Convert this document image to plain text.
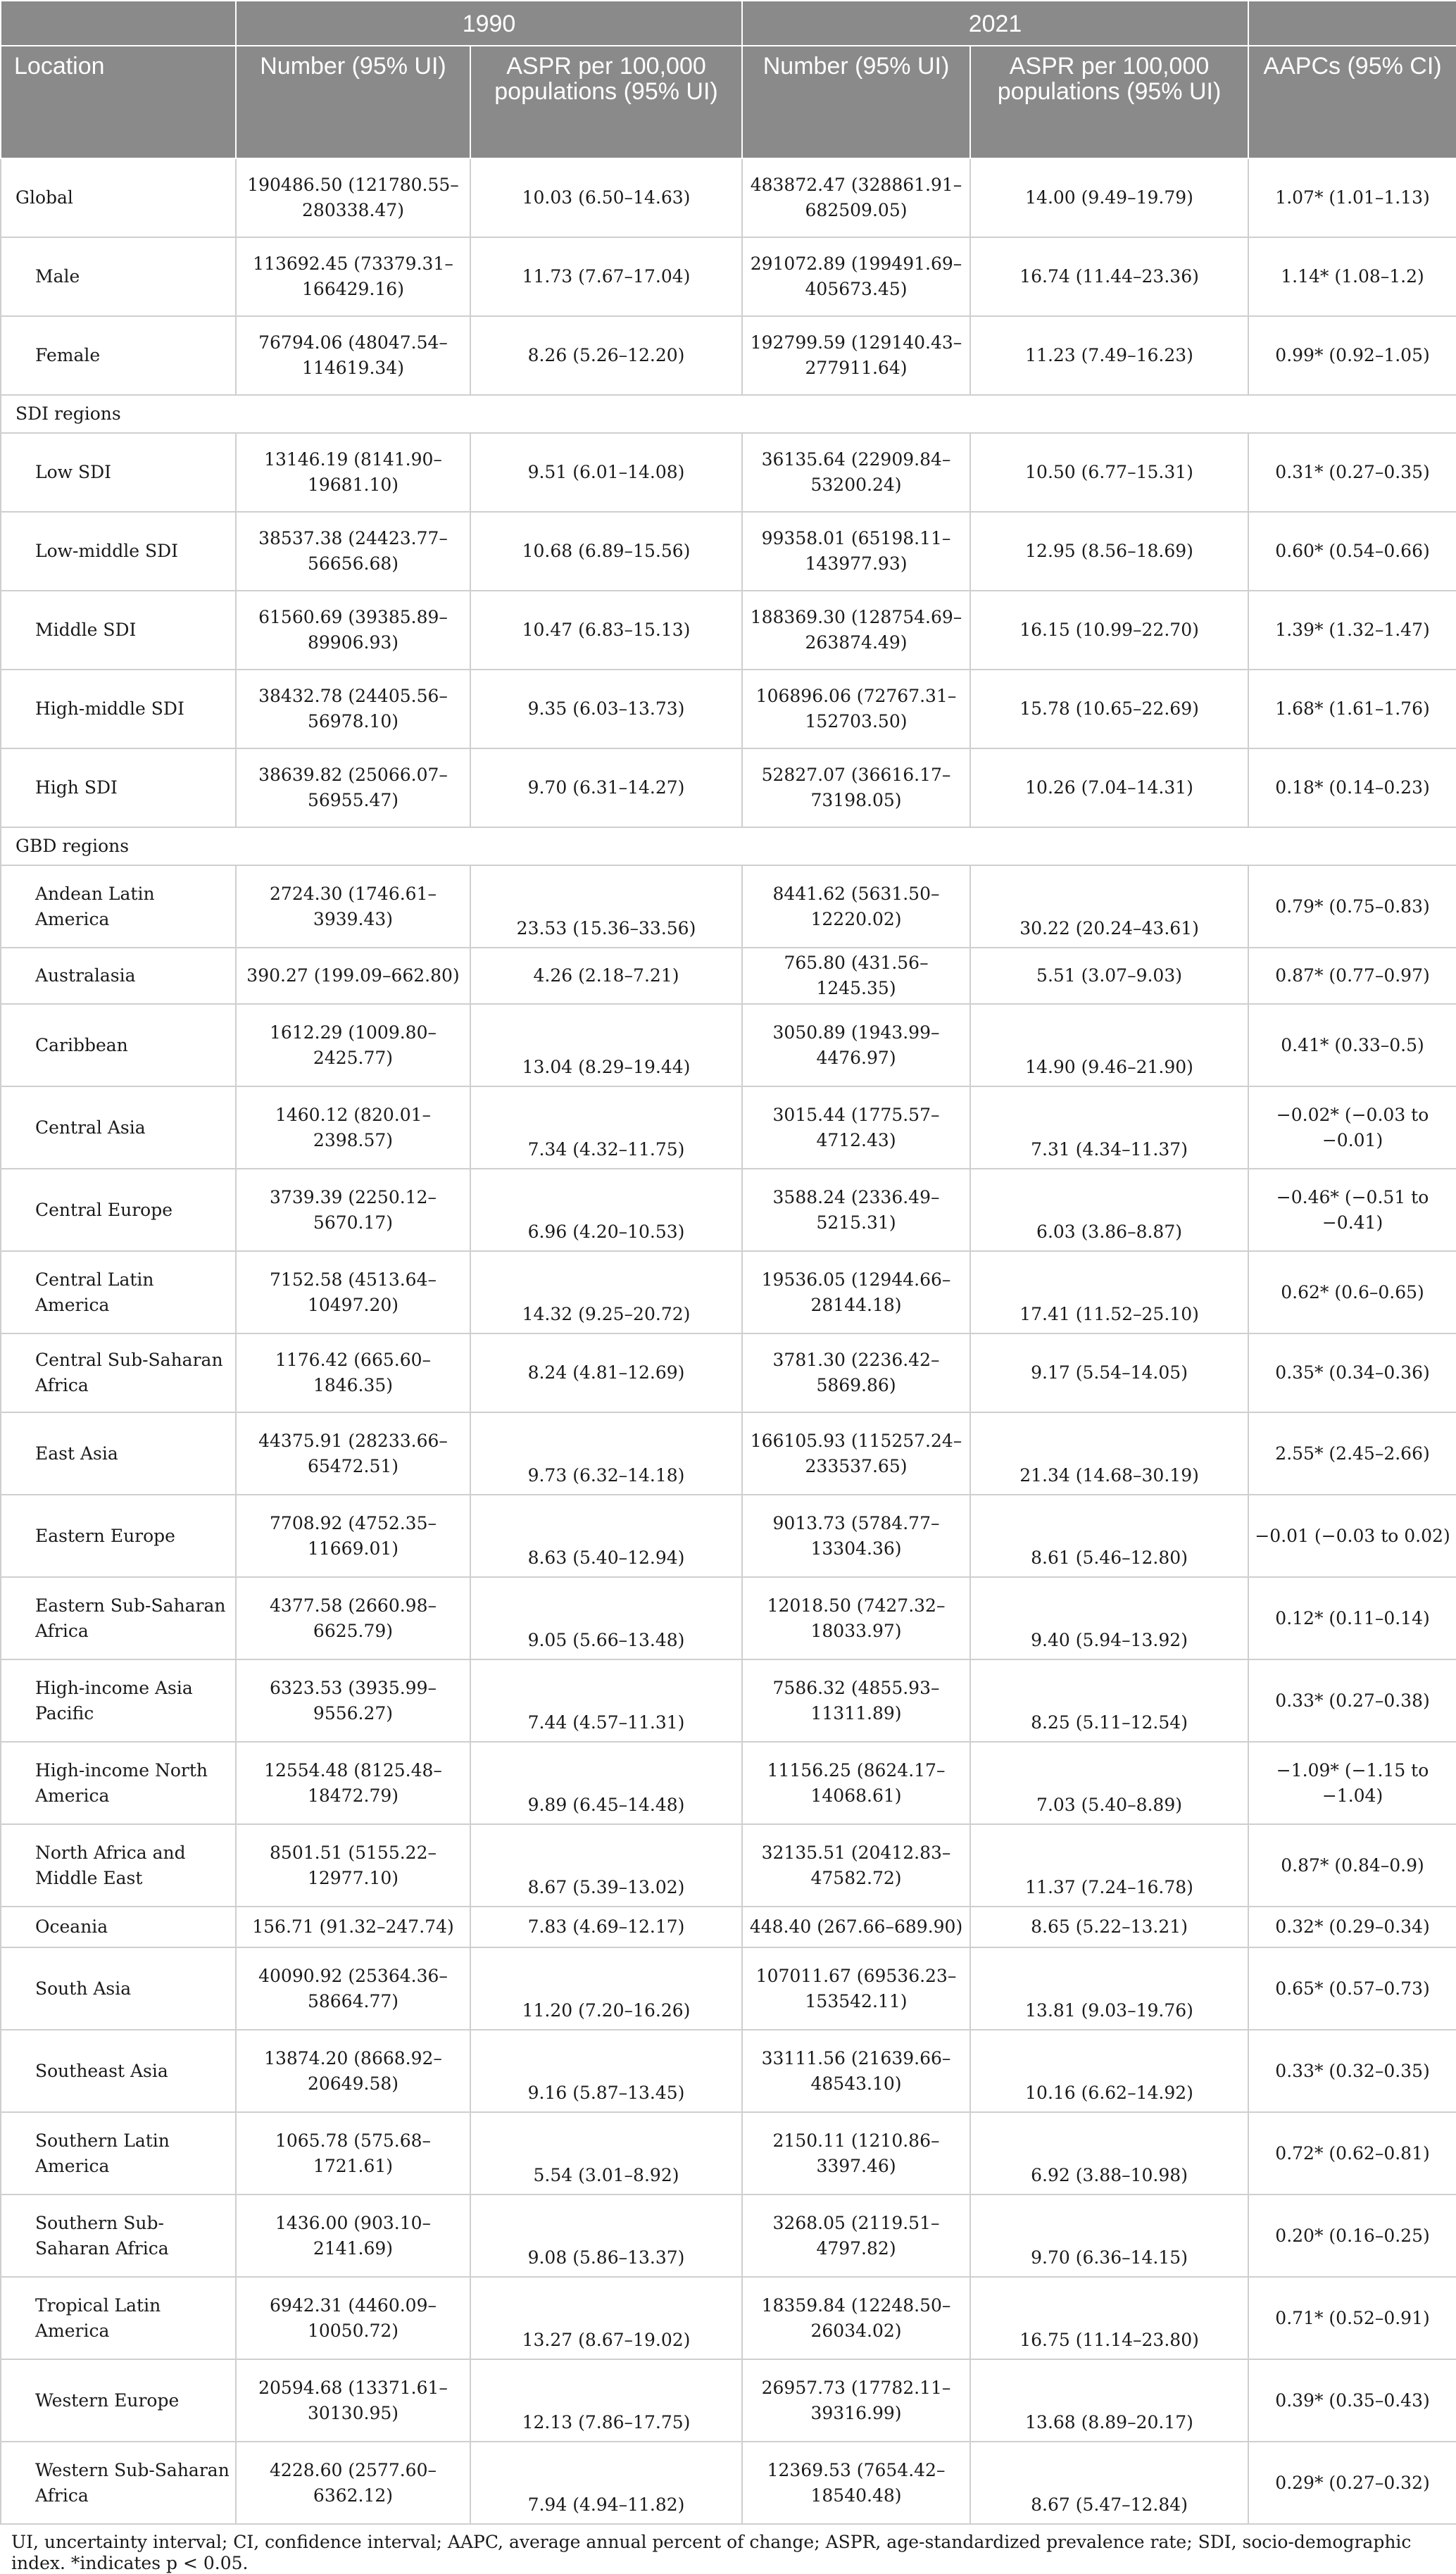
	1990		2021		
Location	Number (95% UI)	ASPR per 100,000 populations (95% UI)	Number (95% UI)	ASPR per 100,000 populations (95% UI)	AAPCs (95% CI)
Global	190486.50 (121780.55–280338.47)	10.03 (6.50–14.63)	483872.47 (328861.91–682509.05)	14.00 (9.49–19.79)	1.07* (1.01–1.13)
Male	113692.45 (73379.31–166429.16)	11.73 (7.67–17.04)	291072.89 (199491.69–405673.45)	16.74 (11.44–23.36)	1.14* (1.08–1.2)
Female	76794.06 (48047.54–114619.34)	8.26 (5.26–12.20)	192799.59 (129140.43–277911.64)	11.23 (7.49–16.23)	0.99* (0.92–1.05)
SDI regions					
Low SDI	13146.19 (8141.90–19681.10)	9.51 (6.01–14.08)	36135.64 (22909.84–53200.24)	10.50 (6.77–15.31)	0.31* (0.27–0.35)
Low-middle SDI	38537.38 (24423.77–56656.68)	10.68 (6.89–15.56)	99358.01 (65198.11–143977.93)	12.95 (8.56–18.69)	0.60* (0.54–0.66)
Middle SDI	61560.69 (39385.89–89906.93)	10.47 (6.83–15.13)	188369.30 (128754.69–263874.49)	16.15 (10.99–22.70)	1.39* (1.32–1.47)
High-middle SDI	38432.78 (24405.56–56978.10)	9.35 (6.03–13.73)	106896.06 (72767.31–152703.50)	15.78 (10.65–22.69)	1.68* (1.61–1.76)
High SDI	38639.82 (25066.07–56955.47)	9.70 (6.31–14.27)	52827.07 (36616.17–73198.05)	10.26 (7.04–14.31)	0.18* (0.14–0.23)
GBD regions					
Andean Latin America	2724.30 (1746.61–3939.43)	23.53 (15.36–33.56)	8441.62 (5631.50–12220.02)	30.22 (20.24–43.61)	0.79* (0.75–0.83)
Australasia	390.27 (199.09–662.80)	4.26 (2.18–7.21)	765.80 (431.56–1245.35)	5.51 (3.07–9.03)	0.87* (0.77–0.97)
Caribbean	1612.29 (1009.80–2425.77)	13.04 (8.29–19.44)	3050.89 (1943.99–4476.97)	14.90 (9.46–21.90)	0.41* (0.33–0.5)
Central Asia	1460.12 (820.01–2398.57)	7.34 (4.32–11.75)	3015.44 (1775.57–4712.43)	7.31 (4.34–11.37)	−0.02* (−0.03 to −0.01)
Central Europe	3739.39 (2250.12–5670.17)	6.96 (4.20–10.53)	3588.24 (2336.49–5215.31)	6.03 (3.86–8.87)	−0.46* (−0.51 to −0.41)
Central Latin America	7152.58 (4513.64–10497.20)	14.32 (9.25–20.72)	19536.05 (12944.66–28144.18)	17.41 (11.52–25.10)	0.62* (0.6–0.65)
Central Sub-Saharan Africa	1176.42 (665.60–1846.35)	8.24 (4.81–12.69)	3781.30 (2236.42–5869.86)	9.17 (5.54–14.05)	0.35* (0.34–0.36)
East Asia	44375.91 (28233.66–65472.51)	9.73 (6.32–14.18)	166105.93 (115257.24–233537.65)	21.34 (14.68–30.19)	2.55* (2.45–2.66)
Eastern Europe	7708.92 (4752.35–11669.01)	8.63 (5.40–12.94)	9013.73 (5784.77–13304.36)	8.61 (5.46–12.80)	−0.01 (−0.03 to 0.02)
Eastern Sub-Saharan Africa	4377.58 (2660.98–6625.79)	9.05 (5.66–13.48)	12018.50 (7427.32–18033.97)	9.40 (5.94–13.92)	0.12* (0.11–0.14)
High-income Asia Pacific	6323.53 (3935.99–9556.27)	7.44 (4.57–11.31)	7586.32 (4855.93–11311.89)	8.25 (5.11–12.54)	0.33* (0.27–0.38)
High-income North America	12554.48 (8125.48–18472.79)	9.89 (6.45–14.48)	11156.25 (8624.17–14068.61)	7.03 (5.40–8.89)	−1.09* (−1.15 to −1.04)
North Africa and Middle East	8501.51 (5155.22–12977.10)	8.67 (5.39–13.02)	32135.51 (20412.83–47582.72)	11.37 (7.24–16.78)	0.87* (0.84–0.9)
Oceania	156.71 (91.32–247.74)	7.83 (4.69–12.17)	448.40 (267.66–689.90)	8.65 (5.22–13.21)	0.32* (0.29–0.34)
South Asia	40090.92 (25364.36–58664.77)	11.20 (7.20–16.26)	107011.67 (69536.23–153542.11)	13.81 (9.03–19.76)	0.65* (0.57–0.73)
Southeast Asia	13874.20 (8668.92–20649.58)	9.16 (5.87–13.45)	33111.56 (21639.66–48543.10)	10.16 (6.62–14.92)	0.33* (0.32–0.35)
Southern Latin America	1065.78 (575.68–1721.61)	5.54 (3.01–8.92)	2150.11 (1210.86–3397.46)	6.92 (3.88–10.98)	0.72* (0.62–0.81)
Southern Sub-Saharan Africa	1436.00 (903.10–2141.69)	9.08 (5.86–13.37)	3268.05 (2119.51–4797.82)	9.70 (6.36–14.15)	0.20* (0.16–0.25)
Tropical Latin America	6942.31 (4460.09–10050.72)	13.27 (8.67–19.02)	18359.84 (12248.50–26034.02)	16.75 (11.14–23.80)	0.71* (0.52–0.91)
Western Europe	20594.68 (13371.61–30130.95)	12.13 (7.86–17.75)	26957.73 (17782.11–39316.99)	13.68 (8.89–20.17)	0.39* (0.35–0.43)
Western Sub-Saharan Africa	4228.60 (2577.60–6362.12)	7.94 (4.94–11.82)	12369.53 (7654.42–18540.48)	8.67 (5.47–12.84)	0.29* (0.27–0.32)
UI, uncertainty interval; CI, confidence interval; AAPC, average annual percent of change; ASPR, age-standardized prevalence rate; SDI, socio-demographic index. *indicates p < 0.05.
